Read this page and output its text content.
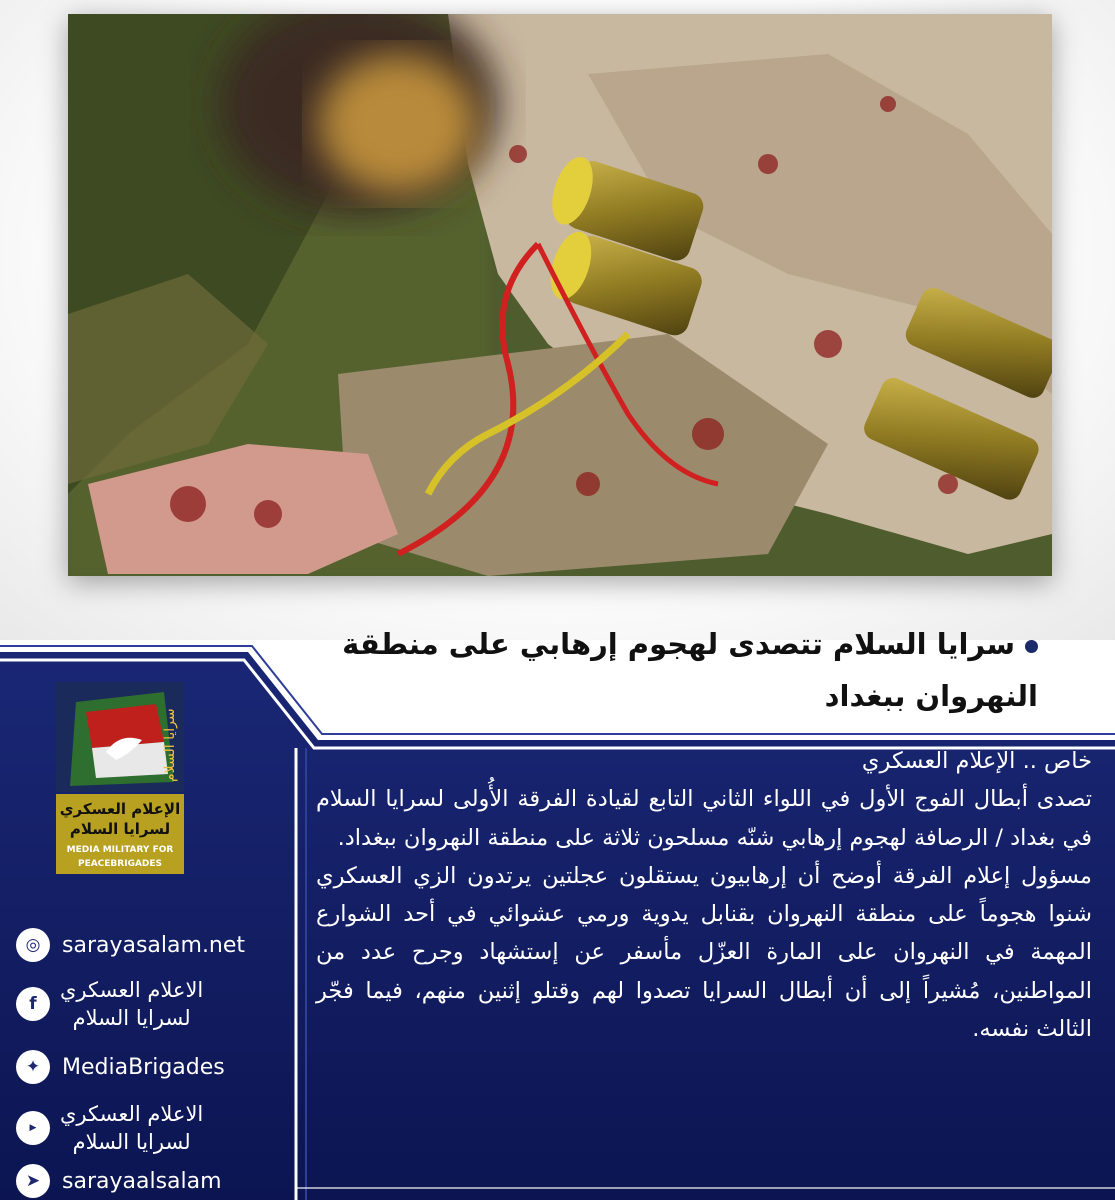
سرايا السلام تتصدى لهجوم إرهابي على منطقة النهروان ببغداد
سرايا السلام
الإعلام العسكري
لسرايا السلام
MEDIA MILITARY FOR
PEACEBRIGADES

خاص .. الإعلام العسكري

تصدى أبطال الفوج الأول في اللواء الثاني التابع لقيادة الفرقة الأُولى لسرايا السلام في بغداد / الرصافة لهجوم إرهابي شنّه مسلحون ثلاثة على منطقة النهروان ببغداد.

مسؤول إعلام الفرقة أوضح أن إرهابيون يستقلون عجلتين يرتدون الزي العسكري شنوا هجوماً على منطقة النهروان بقنابل يدوية ورمي عشوائي في أحد الشوارع المهمة في النهروان على المارة العزّل مأسفر عن إستشهاد وجرح عدد من المواطنين، مُشيراً إلى أن أبطال السرايا تصدوا لهم وقتلو إثنين منهم، فيما فجّر الثالث نفسه.

◎ sarayasalam.net
f
الاعلام العسكري
لسرايا السلام
✦ MediaBrigades
▶
الاعلام العسكري
لسرايا السلام
➤ sarayaalsalam
